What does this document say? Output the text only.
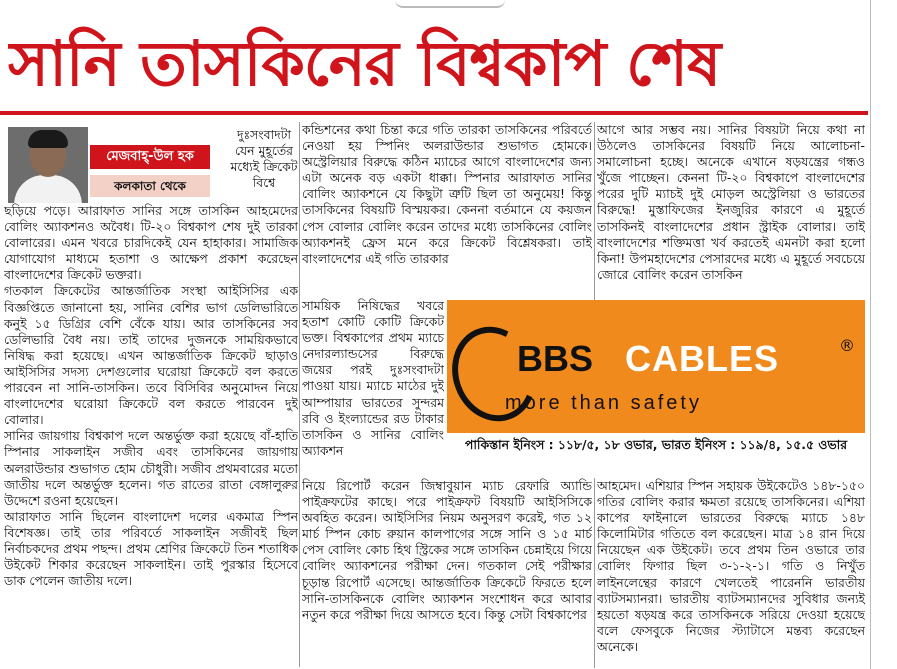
সানি তাসকিনের বিশ্বকাপ শেষ
মেজবাহ্-উল হক
কলকাতা থেকে
দুঃসংবাদটা যেন মুহূর্তের মধ্যেই ক্রিকেট বিশ্বে

ছড়িয়ে পড়ে। আরাফাত সানির সঙ্গে তাসকিন আহমেদের বোলিং অ্যাকশনও অবৈধ। টি-২০ বিশ্বকাপ শেষ দুই তারকা বোলারের। এমন খবরে চারদিকেই যেন হাহাকার। সামাজিক যোগাযোগ মাধ্যমে হতাশা ও আক্ষেপ প্রকাশ করেছেন বাংলাদেশের ক্রিকেট ভক্তরা।

গতকাল ক্রিকেটের আন্তর্জাতিক সংস্থা আইসিসির এক বিজ্ঞপ্তিতে জানানো হয়, সানির বেশির ভাগ ডেলিভারিতে কনুই ১৫ ডিগ্রির বেশি বেঁকে যায়। আর তাসকিনের সব ডেলিভারি বৈধ নয়। তাই তাদের দুজনকে সাময়িকভাবে নিষিদ্ধ করা হয়েছে। এখন আন্তর্জাতিক ক্রিকেট ছাড়াও আইসিসির সদস্য দেশগুলোর ঘরোয়া ক্রিকেটে বল করতে পারবেন না সানি-তাসকিন। তবে বিসিবির অনুমোদন নিয়ে বাংলাদেশের ঘরোয়া ক্রিকেটে বল করতে পারবেন দুই বোলার।

সানির জায়গায় বিশ্বকাপ দলে অন্তর্ভুক্ত করা হয়েছে বাঁ-হাতি স্পিনার সাকলাইন সজীব এবং তাসকিনের জায়গায় অলরাউন্ডার শুভাগত হোম চৌধুরী। সজীব প্রথমবারের মতো জাতীয় দলে অন্তর্ভুক্ত হলেন। গত রাতের রাতা বেঙ্গালুরুর উদ্দেশে রওনা হয়েছেন।

আরাফাত সানি ছিলেন বাংলাদেশ দলের একমাত্র স্পিন বিশেষজ্ঞ। তাই তার পরিবর্তে সাকলাইন সজীবই ছিল নির্বাচকদের প্রথম পছন্দ। প্রথম শ্রেণির ক্রিকেটে তিন শতাধিক উইকেট শিকার করেছেন সাকলাইন। তাই পুরস্কার হিসেবে ডাক পেলেন জাতীয় দলে।

কন্ডিশনের কথা চিন্তা করে গতি তারকা তাসকিনের পরিবর্তে নেওয়া হয় স্পিনিং অলরাউন্ডার শুভাগত হোমকে। অস্ট্রেলিয়ার বিরুদ্ধে কঠিন ম্যাচের আগে বাংলাদেশের জন্য এটা অনেক বড় একটা ধাক্কা। স্পিনার আরাফাত সানির বোলিং অ্যাকশনে যে কিছুটা ত্রুটি ছিল তা অনুমেয়! কিন্তু তাসকিনের বিষয়টি বিস্ময়কর। কেননা বর্তমানে যে কয়জন পেস বোলার বোলিং করেন তাদের মধ্যে তাসকিনের বোলিং অ্যাকশনই ফ্রেস মনে করে ক্রিকেট বিশ্লেষকরা। তাই বাংলাদেশের এই গতি তারকার
সাময়িক নিষিদ্ধের খবরে হতাশ কোটি কোটি ক্রিকেট ভক্ত। বিশ্বকাপের প্রথম ম্যাচে নেদারল্যান্ডসের বিরুদ্ধে জয়ের পরই দুঃসংবাদটা পাওয়া যায়। ম্যাচে মাঠের দুই আম্পায়ার ভারতের সুন্দরম রবি ও ইংল্যান্ডের রড টাকার তাসকিন ও সানির বোলিং অ্যাকশন
নিয়ে রিপোর্ট করেন জিম্বাবুয়ান ম্যাচ রেফারি অ্যান্ডি পাইক্রফটের কাছে। পরে পাইক্রফট বিষয়টি আইসিসিকে অবহিত করেন। আইসিসির নিয়ম অনুসরণ করেই, গত ১২ মার্চ স্পিন কোচ রুয়ান কালপাগের সঙ্গে সানি ও ১৫ মার্চ পেস বোলিং কোচ হিথ স্ট্রিকের সঙ্গে তাসকিন চেন্নাইয়ে গিয়ে বোলিং অ্যাকশনের পরীক্ষা দেন। গতকাল সেই পরীক্ষার চূড়ান্ত রিপোর্ট এসেছে। আন্তর্জাতিক ক্রিকেটে ফিরতে হলে সানি-তাসকিনকে বোলিং অ্যাকশন সংশোধন করে আবার নতুন করে পরীক্ষা দিয়ে আসতে হবে। কিন্তু সেটা বিশ্বকাপের
আগে আর সম্ভব নয়। সানির বিষয়টা নিয়ে কথা না উঠলেও তাসকিনের বিষয়টি নিয়ে আলোচনা-সমালোচনা হচ্ছে। অনেকে এখানে ষড়যন্ত্রের গন্ধও খুঁজে পাচ্ছেন। কেননা টি-২০ বিশ্বকাপে বাংলাদেশের পরের দুটি ম্যাচই দুই মোড়ল অস্ট্রেলিয়া ও ভারতের বিরুদ্ধে! মুস্তাফিজের ইনজুরির কারণে এ মুহূর্তে তাসকিনই বাংলাদেশের প্রধান স্ট্রাইক বোলার। তাই বাংলাদেশের শক্তিমত্তা খর্ব করতেই এমনটা করা হলো কিনা! উপমহাদেশের পেসারদের মধ্যে এ মুহূর্তে সবচেয়ে জোরে বোলিং করেন তাসকিন
আহমেদ। এশিয়ার স্পিন সহায়ক উইকেটেও ১৪৮-১৫০ গতির বোলিং করার ক্ষমতা রয়েছে তাসকিনের। এশিয়া কাপের ফাইনালে ভারতের বিরুদ্ধে ম্যাচে ১৪৮ কিলোমিটার গতিতে বল করেছেন। মাত্র ১৪ রান দিয়ে নিয়েছেন এক উইকেট। তবে প্রথম তিন ওভারে তার বোলিং ফিগার ছিল ৩-১-২-১। গতি ও নিখুঁত লাইনলেন্থের কারণে খেলতেই পারেননি ভারতীয় ব্যাটসম্যানরা। ভারতীয় ব্যাটসম্যানদের সুবিধার জন্যই হয়তো ষড়যন্ত্র করে তাসকিনকে সরিয়ে দেওয়া হয়েছে বলে ফেসবুকে নিজের স্ট্যাটাসে মন্তব্য করেছেন অনেকে।
BBS CABLES	®
more than safety
পাকিস্তান ইনিংস : ১১৮/৫, ১৮ ওভার, ভারত ইনিংস : ১১৯/৪, ১৫.৫ ওভার
